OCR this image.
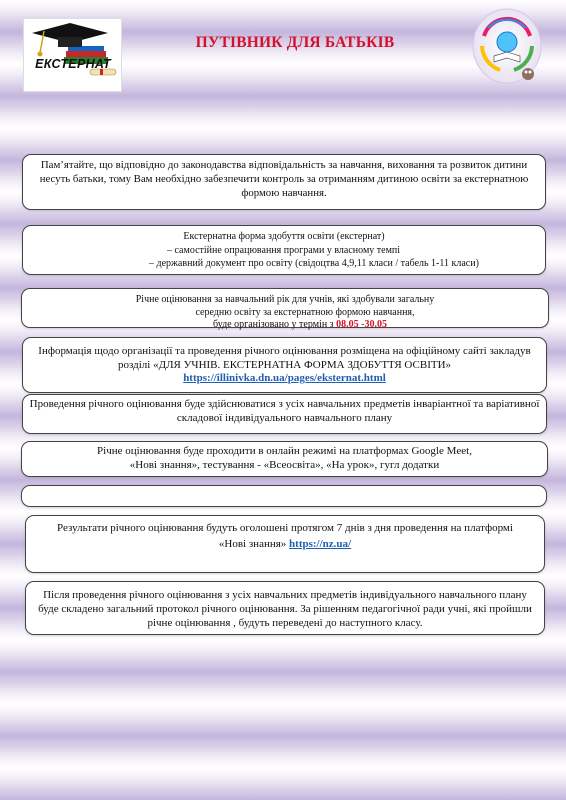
ЕКСТЕРНАТ
ПУТІВНИК ДЛЯ БАТЬКІВ
Пам’ятайте, що відповідно до законодавства відповідальність за навчання, виховання та розвиток дитини несуть батьки, тому Вам необхідно забезпечити контроль за отриманням дитиною освіти за екстернатною формою навчання.
Екстернатна форма здобуття освіти (екстернат)
– самостійне опрацювання програми у власному темпі
– державний документ про освіту (свідоцтва 4,9,11 класи / табель 1-11 класи)
Річне оцінювання за навчальний рік для учнів, які здобували загальну
середню освіту за екстернатною формою навчання,
буде організовано у термін з 08.05 -30.05
Інформація щодо організації та проведення річного оцінювання розміщена на офіційному сайті закладув розділі «ДЛЯ УЧНІВ. ЕКСТЕРНАТНА ФОРМА ЗДОБУТТЯ ОСВІТИ»
https://illinivka.dn.ua/pages/eksternat.html
Проведення річного оцінювання буде здійснюватися з усіх навчальних предметів інваріантної та варіативної складової індивідуального навчального плану
Річне оцінювання буде проходити в онлайн режимі на платформах Google Meet,
«Нові знання», тестування - «Всеосвіта», «На урок», гугл додатки
Результати річного оцінювання будуть оголошені протягом 7 днів з дня проведення на платформі
«Нові знання» https://nz.ua/
Після проведення річного оцінювання з усіх навчальних предметів індивідуального навчального плану буде складено загальний протокол річного оцінювання. За рішенням педагогічної ради учні, які пройшли річне оцінювання , будуть переведені до наступного класу.
